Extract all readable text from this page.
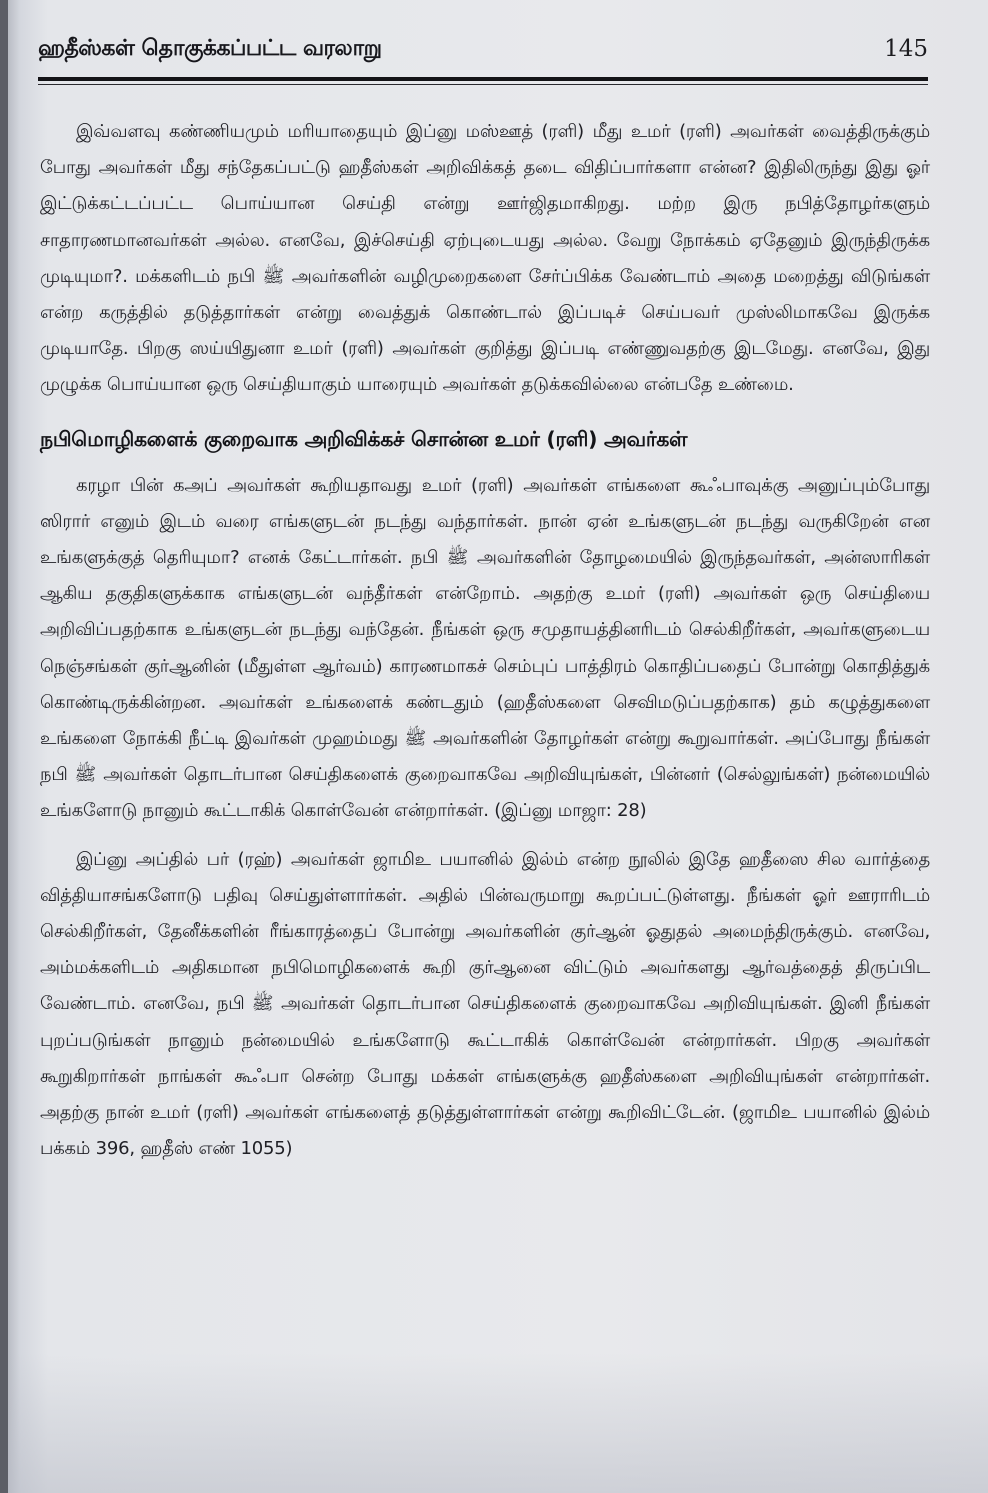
ஹதீஸ்கள் தொகுக்கப்பட்ட வரலாறு	145

இவ்வளவு கண்ணியமும் மரியாதையும் இப்னு மஸ்ஊத் (ரளி) மீது உமர் (ரளி) அவர்கள் வைத்திருக்கும் போது அவர்கள் மீது சந்தேகப்பட்டு ஹதீஸ்கள் அறிவிக்கத் தடை விதிப்பார்களா என்ன? இதிலிருந்து இது ஓர் இட்டுக்கட்டப்பட்ட பொய்யான செய்தி என்று ஊர்ஜிதமாகிறது. மற்ற இரு நபித்தோழர்களும் சாதாரணமானவர்கள் அல்ல. எனவே, இச்செய்தி ஏற்புடையது அல்ல. வேறு நோக்கம் ஏதேனும் இருந்திருக்க முடியுமா?. மக்களிடம் நபி ﷺ அவர்களின் வழிமுறைகளை சேர்ப்பிக்க வேண்டாம் அதை மறைத்து விடுங்கள் என்ற கருத்தில் தடுத்தார்கள் என்று வைத்துக் கொண்டால் இப்படிச் செய்பவர் முஸ்லிமாகவே இருக்க முடியாதே. பிறகு ஸய்யிதுனா உமர் (ரளி) அவர்கள் குறித்து இப்படி எண்ணுவதற்கு இடமேது. எனவே, இது முழுக்க பொய்யான ஒரு செய்தியாகும் யாரையும் அவர்கள் தடுக்கவில்லை என்பதே உண்மை.

நபிமொழிகளைக் குறைவாக அறிவிக்கச் சொன்ன உமர் (ரளி) அவர்கள்

கரழா பின் கஅப் அவர்கள் கூறியதாவது உமர் (ரளி) அவர்கள் எங்களை கூஃபாவுக்கு அனுப்பும்போது ஸிரார் எனும் இடம் வரை எங்களுடன் நடந்து வந்தார்கள். நான் ஏன் உங்களுடன் நடந்து வருகிறேன் என உங்களுக்குத் தெரியுமா? எனக் கேட்டார்கள். நபி ﷺ அவர்களின் தோழமையில் இருந்தவர்கள், அன்ஸாரிகள் ஆகிய தகுதிகளுக்காக எங்களுடன் வந்தீர்கள் என்றோம். அதற்கு உமர் (ரளி) அவர்கள் ஒரு செய்தியை அறிவிப்பதற்காக உங்களுடன் நடந்து வந்தேன். நீங்கள் ஒரு சமுதாயத்தினரிடம் செல்கிறீர்கள், அவர்களுடைய நெஞ்சங்கள் குர்ஆனின் (மீதுள்ள ஆர்வம்) காரணமாகச் செம்புப் பாத்திரம் கொதிப்பதைப் போன்று கொதித்துக் கொண்டிருக்கின்றன. அவர்கள் உங்களைக் கண்டதும் (ஹதீஸ்களை செவிமடுப்பதற்காக) தம் கழுத்துகளை உங்களை நோக்கி நீட்டி இவர்கள் முஹம்மது ﷺ அவர்களின் தோழர்கள் என்று கூறுவார்கள். அப்போது நீங்கள் நபி ﷺ அவர்கள் தொடர்பான செய்திகளைக் குறைவாகவே அறிவியுங்கள், பின்னர் (செல்லுங்கள்) நன்மையில் உங்களோடு நானும் கூட்டாகிக் கொள்வேன் என்றார்கள். (இப்னு மாஜா: 28)

இப்னு அப்தில் பர் (ரஹ்) அவர்கள் ஜாமிஉ பயானில் இல்ம் என்ற நூலில் இதே ஹதீஸை சில வார்த்தை வித்தியாசங்களோடு பதிவு செய்துள்ளார்கள். அதில் பின்வருமாறு கூறப்பட்டுள்ளது. நீங்கள் ஓர் ஊராரிடம் செல்கிறீர்கள், தேனீக்களின் ரீங்காரத்தைப் போன்று அவர்களின் குர்ஆன் ஓதுதல் அமைந்திருக்கும். எனவே, அம்மக்களிடம் அதிகமான நபிமொழிகளைக் கூறி குர்ஆனை விட்டும் அவர்களது ஆர்வத்தைத் திருப்பிட வேண்டாம். எனவே, நபி ﷺ அவர்கள் தொடர்பான செய்திகளைக் குறைவாகவே அறிவியுங்கள். இனி நீங்கள் புறப்படுங்கள் நானும் நன்மையில் உங்களோடு கூட்டாகிக் கொள்வேன் என்றார்கள். பிறகு அவர்கள் கூறுகிறார்கள் நாங்கள் கூஃபா சென்ற போது மக்கள் எங்களுக்கு ஹதீஸ்களை அறிவியுங்கள் என்றார்கள். அதற்கு நான் உமர் (ரளி) அவர்கள் எங்களைத் தடுத்துள்ளார்கள் என்று கூறிவிட்டேன். (ஜாமிஉ பயானில் இல்ம் பக்கம் 396, ஹதீஸ் எண் 1055)
